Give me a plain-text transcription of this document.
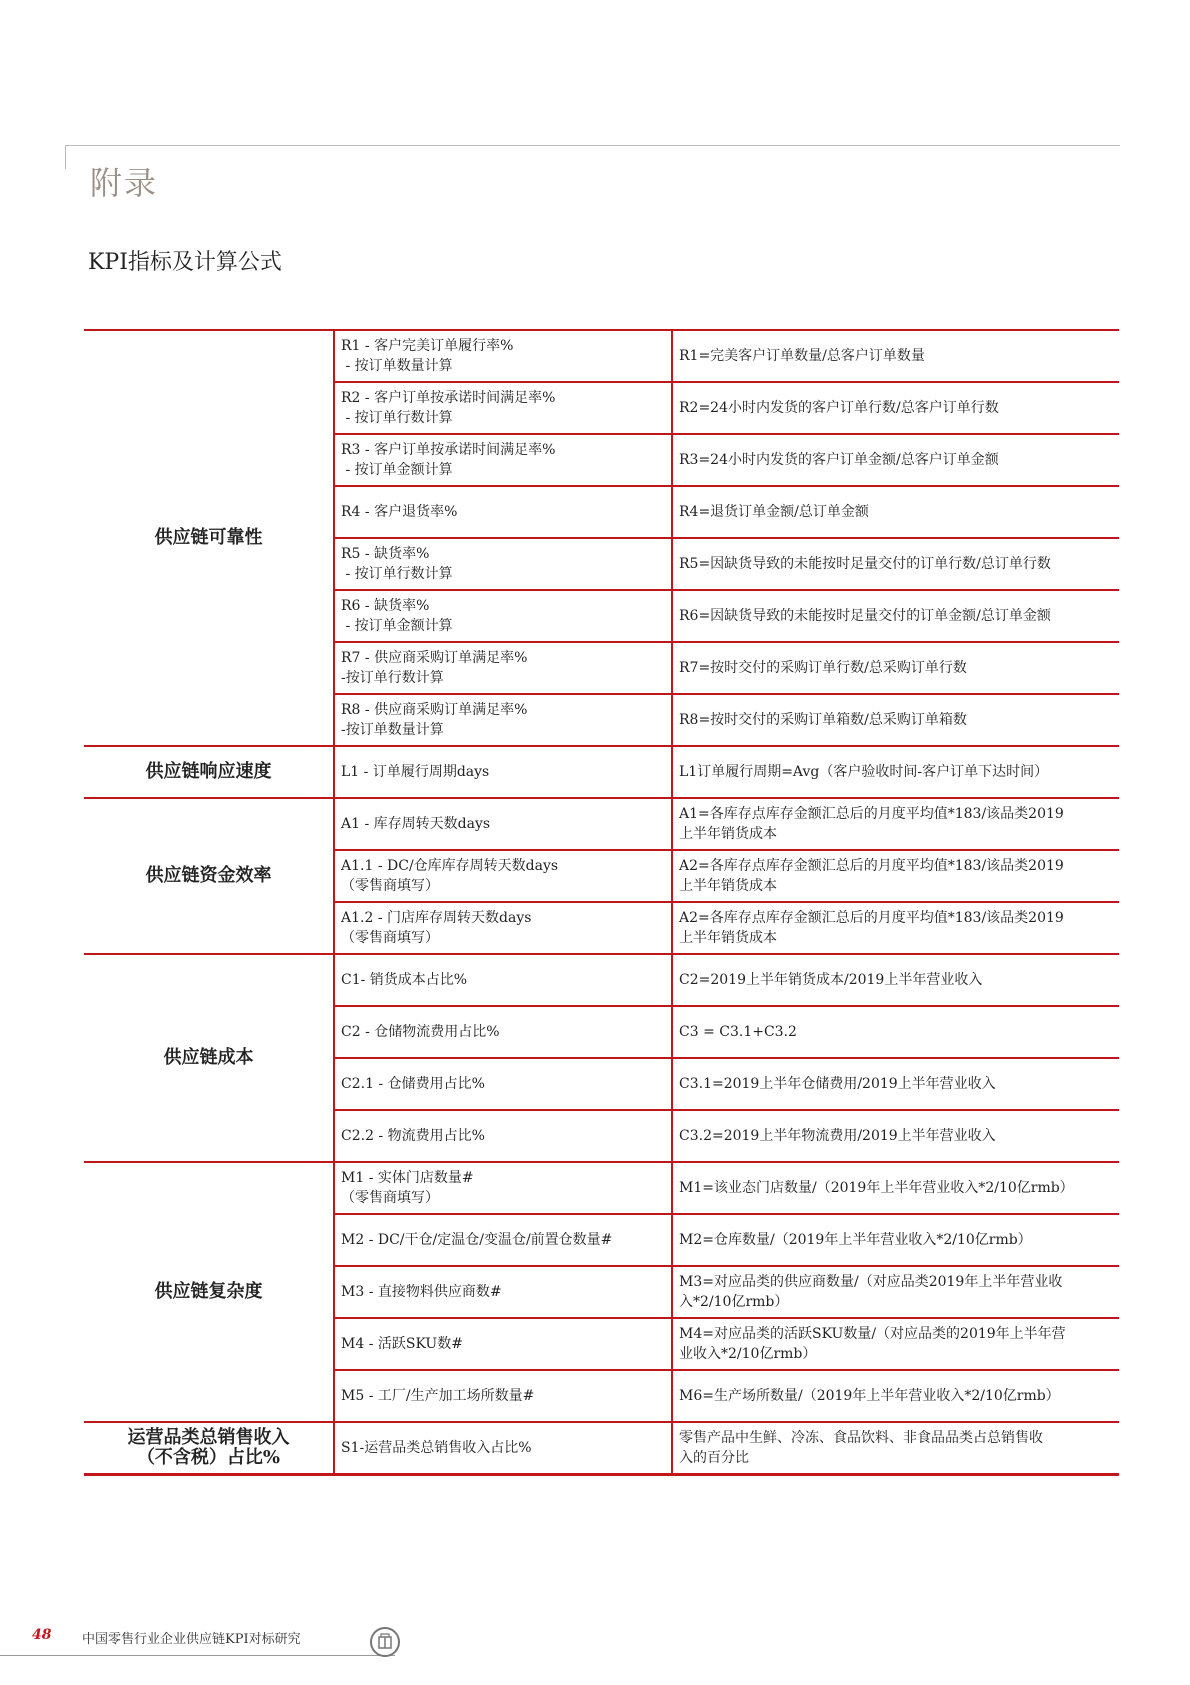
附录
KPI指标及计算公式
供应链可靠性	R1 - 客户完美订单履行率%
- 按订单数量计算	R1=完美客户订单数量/总客户订单数量

	R2 - 客户订单按承诺时间满足率%
- 按订单行数计算	R2=24小时内发货的客户订单行数/总客户订单行数

	R3 - 客户订单按承诺时间满足率%
- 按订单金额计算	R3=24小时内发货的客户订单金额/总客户订单金额

	R4 - 客户退货率%	R4=退货订单金额/总订单金额

	R5 - 缺货率%
- 按订单行数计算	R5=因缺货导致的未能按时足量交付的订单行数/总订单行数

	R6 - 缺货率%
- 按订单金额计算	R6=因缺货导致的未能按时足量交付的订单金额/总订单金额

	R7 - 供应商采购订单满足率%
-按订单行数计算	R7=按时交付的采购订单行数/总采购订单行数

	R8 - 供应商采购订单满足率%
-按订单数量计算	R8=按时交付的采购订单箱数/总采购订单箱数

供应链响应速度	L1 - 订单履行周期days	L1订单履行周期=Avg（客户验收时间-客户订单下达时间）

供应链资金效率	A1 - 库存周转天数days	A1=各库存点库存金额汇总后的月度平均值*183/该品类2019
上半年销货成本

	A1.1 - DC/仓库库存周转天数days
（零售商填写）	A2=各库存点库存金额汇总后的月度平均值*183/该品类2019
上半年销货成本

	A1.2 - 门店库存周转天数days
（零售商填写）	A2=各库存点库存金额汇总后的月度平均值*183/该品类2019
上半年销货成本

供应链成本	C1- 销货成本占比%	C2=2019上半年销货成本/2019上半年营业收入

	C2 - 仓储物流费用占比%	C3 = C3.1+C3.2

	C2.1 - 仓储费用占比%	C3.1=2019上半年仓储费用/2019上半年营业收入

	C2.2 - 物流费用占比%	C3.2=2019上半年物流费用/2019上半年营业收入

供应链复杂度	M1 - 实体门店数量#
（零售商填写）	M1=该业态门店数量/（2019年上半年营业收入*2/10亿rmb）

	M2 - DC/干仓/定温仓/变温仓/前置仓数量#	M2=仓库数量/（2019年上半年营业收入*2/10亿rmb）

	M3 - 直接物料供应商数#	M3=对应品类的供应商数量/（对应品类2019年上半年营业收
入*2/10亿rmb）

	M4 - 活跃SKU数#	M4=对应品类的活跃SKU数量/（对应品类的2019年上半年营
业收入*2/10亿rmb）

	M5 - 工厂/生产加工场所数量#	M6=生产场所数量/（2019年上半年营业收入*2/10亿rmb）

运营品类总销售收入
（不含税）占比%	S1-运营品类总销售收入占比%	零售产品中生鲜、冷冻、食品饮料、非食品品类占总销售收
入的百分比
48 中国零售行业企业供应链KPI对标研究
